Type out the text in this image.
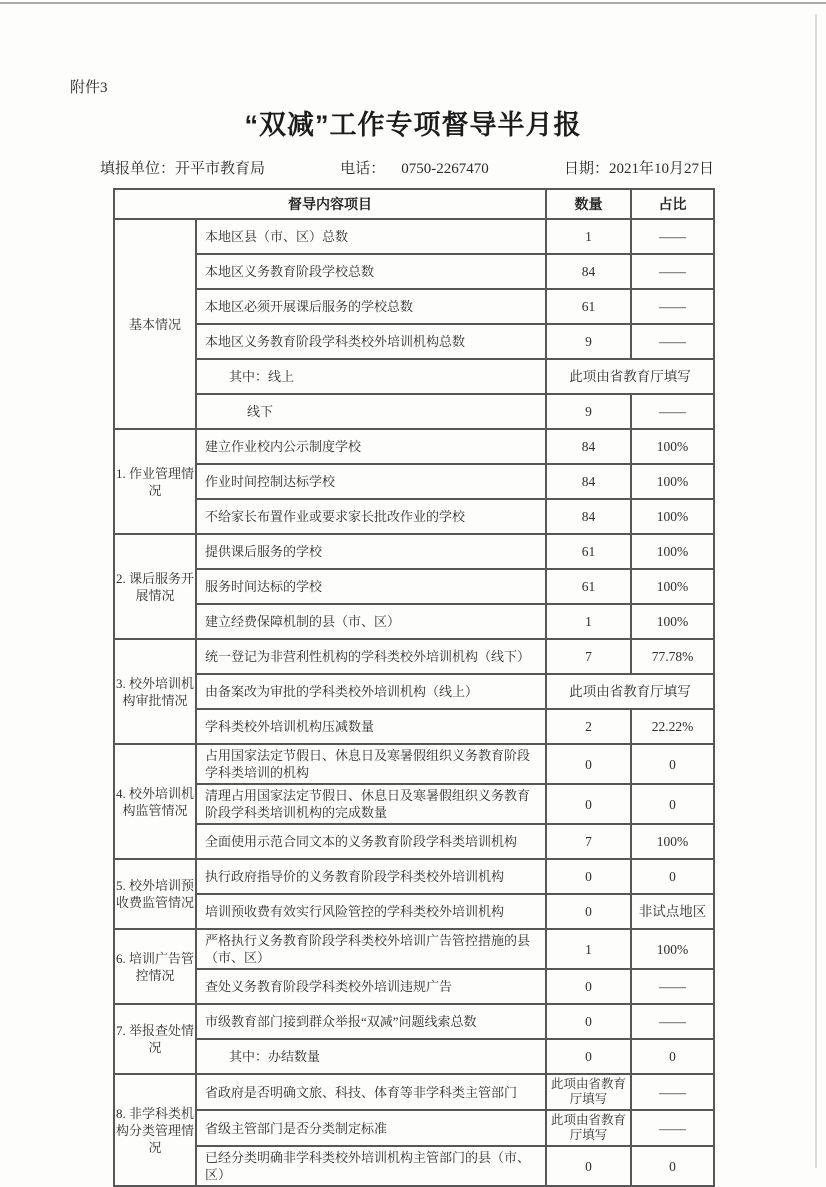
附件3
“双减”工作专项督导半月报
填报单位：开平市教育局	电话： 0750-2267470	日期：2021年10月27日
督导内容项目		数量	占比
基本情况	本地区县（市、区）总数	1	——
	本地区义务教育阶段学校总数	84	——
	本地区必须开展课后服务的学校总数	61	——
	本地区义务教育阶段学科类校外培训机构总数	9	——
	其中：线上	此项由省教育厅填写	
	线下	9	——
1. 作业管理情况	建立作业校内公示制度学校	84	100%
	作业时间控制达标学校	84	100%
	不给家长布置作业或要求家长批改作业的学校	84	100%
2. 课后服务开展情况	提供课后服务的学校	61	100%
	服务时间达标的学校	61	100%
	建立经费保障机制的县（市、区）	1	100%
3. 校外培训机构审批情况	统一登记为非营利性机构的学科类校外培训机构（线下）	7	77.78%
	由备案改为审批的学科类校外培训机构（线上）	此项由省教育厅填写	
	学科类校外培训机构压减数量	2	22.22%
4. 校外培训机构监管情况	占用国家法定节假日、休息日及寒暑假组织义务教育阶段学科类培训的机构	0	0
	清理占用国家法定节假日、休息日及寒暑假组织义务教育阶段学科类培训机构的完成数量	0	0
	全面使用示范合同文本的义务教育阶段学科类培训机构	7	100%
5. 校外培训预收费监管情况	执行政府指导价的义务教育阶段学科类校外培训机构	0	0
	培训预收费有效实行风险管控的学科类校外培训机构	0	非试点地区
6. 培训广告管控情况	严格执行义务教育阶段学科类校外培训广告管控措施的县（市、区）	1	100%
	查处义务教育阶段学科类校外培训违规广告	0	——
7. 举报查处情况	市级教育部门接到群众举报“双减”问题线索总数	0	——
	其中：办结数量	0	0
8. 非学科类机构分类管理情况	省政府是否明确文旅、科技、体育等非学科类主管部门	此项由省教育厅填写	——
	省级主管部门是否分类制定标准	此项由省教育厅填写	——
	已经分类明确非学科类校外培训机构主管部门的县（市、区）	0	0
